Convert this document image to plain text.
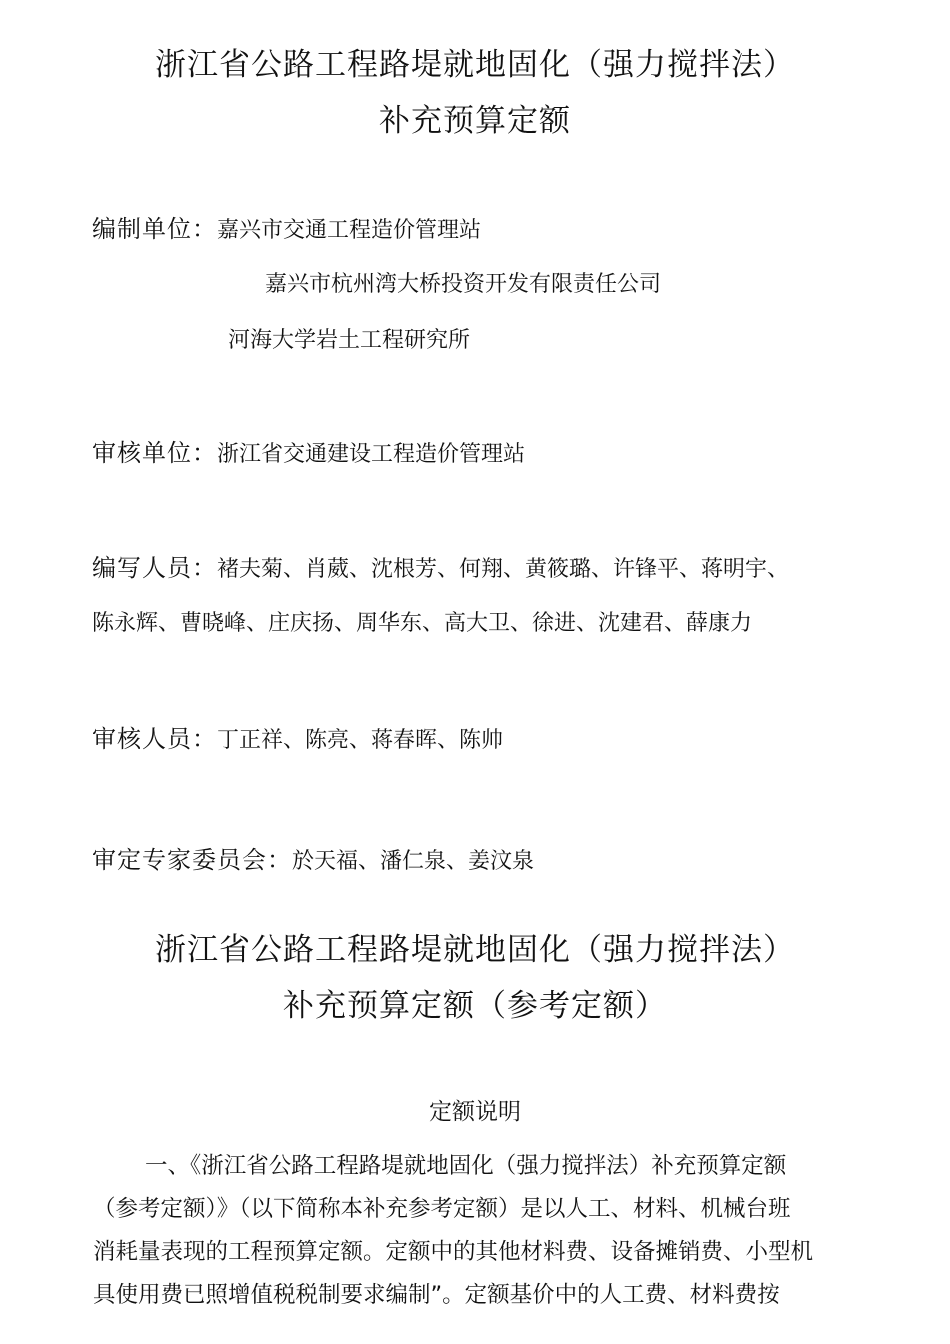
浙江省公路工程路堤就地固化（强力搅拌法）
补充预算定额
编制单位：嘉兴市交通工程造价管理站
嘉兴市杭州湾大桥投资开发有限责任公司
河海大学岩土工程研究所
审核单位：浙江省交通建设工程造价管理站
编写人员：褚夫菊、肖葳、沈根芳、何翔、黄筱璐、许锋平、蒋明宇、
陈永辉、曹晓峰、庄庆扬、周华东、高大卫、徐进、沈建君、薛康力
审核人员：丁正祥、陈亮、蒋春晖、陈帅
审定专家委员会：於天福、潘仁泉、姜汶泉
浙江省公路工程路堤就地固化（强力搅拌法）
补充预算定额（参考定额）
定额说明
一、《浙江省公路工程路堤就地固化（强力搅拌法）补充预算定额
（参考定额）》（以下简称本补充参考定额）是以人工、材料、机械台班
消耗量表现的工程预算定额。定额中的其他材料费、设备摊销费、小型机
具使用费已照增值税税制要求编制”。定额基价中的人工费、材料费按
